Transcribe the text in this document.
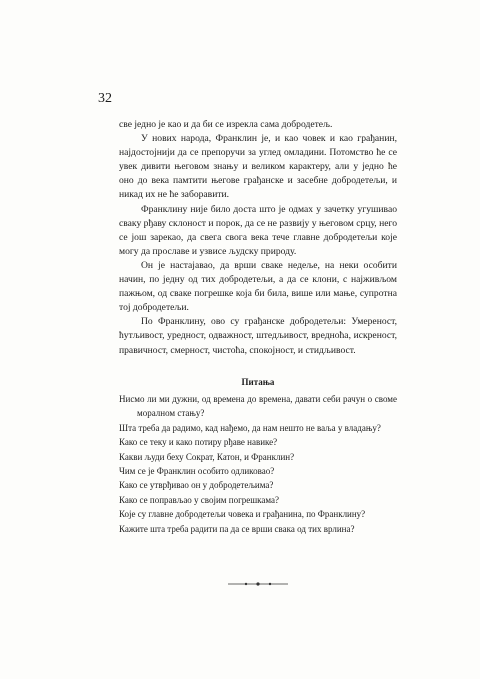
32

све једно је као и да би се изрекла сама добродетељ.

У нових народа, Франклин је, и као човек и као грађанин, најдостојнији да се препоручи за углед омладини. Потомство ће се увек дивити његовом знању и великом карактеру, али у једно ће оно до века памтити његове грађанске и засебне добродетељи, и никад их не ће заборавити.

Франклину није било доста што је одмах у зачетку угушивао сваку рђаву склоност и порок, да се не развију у његовом срцу, него се још зарекао, да свега свога века тече главне добродетељи које могу да прославе и узвисе људску природу.

Он је настајавао, да врши сваке недеље, на неки особити начин, по једну од тих добродетељи, а да се клони, с најживљом пажњом, од сваке погрешке која би била, више или мање, супротна тој добродетељи.

По Франклину, ово су грађанске добродетељи: Умереност, ћутљивост, уредност, одважност, штедљивост, вредноћа, искреност, правичност, смерност, чистоћа, спокојност, и стидљивост.

Питања

Нисмо ли ми дужни, од времена до времена, давати себи рачун о своме моралном стању?

Шта треба да радимо, кад нађемо, да нам нешто не ваља у владању?

Како се теку и како потиру рђаве навике?

Какви људи беху Сократ, Катон, и Франклин?

Чим се је Франклин особито одликовао?

Како се утврђивао он у добродетељима?

Како се поправљао у својим погрешкама?

Које су главне добродетељи човека и грађанина, по Франклину?

Кажите шта треба радити па да се врши свака од тих врлина?
